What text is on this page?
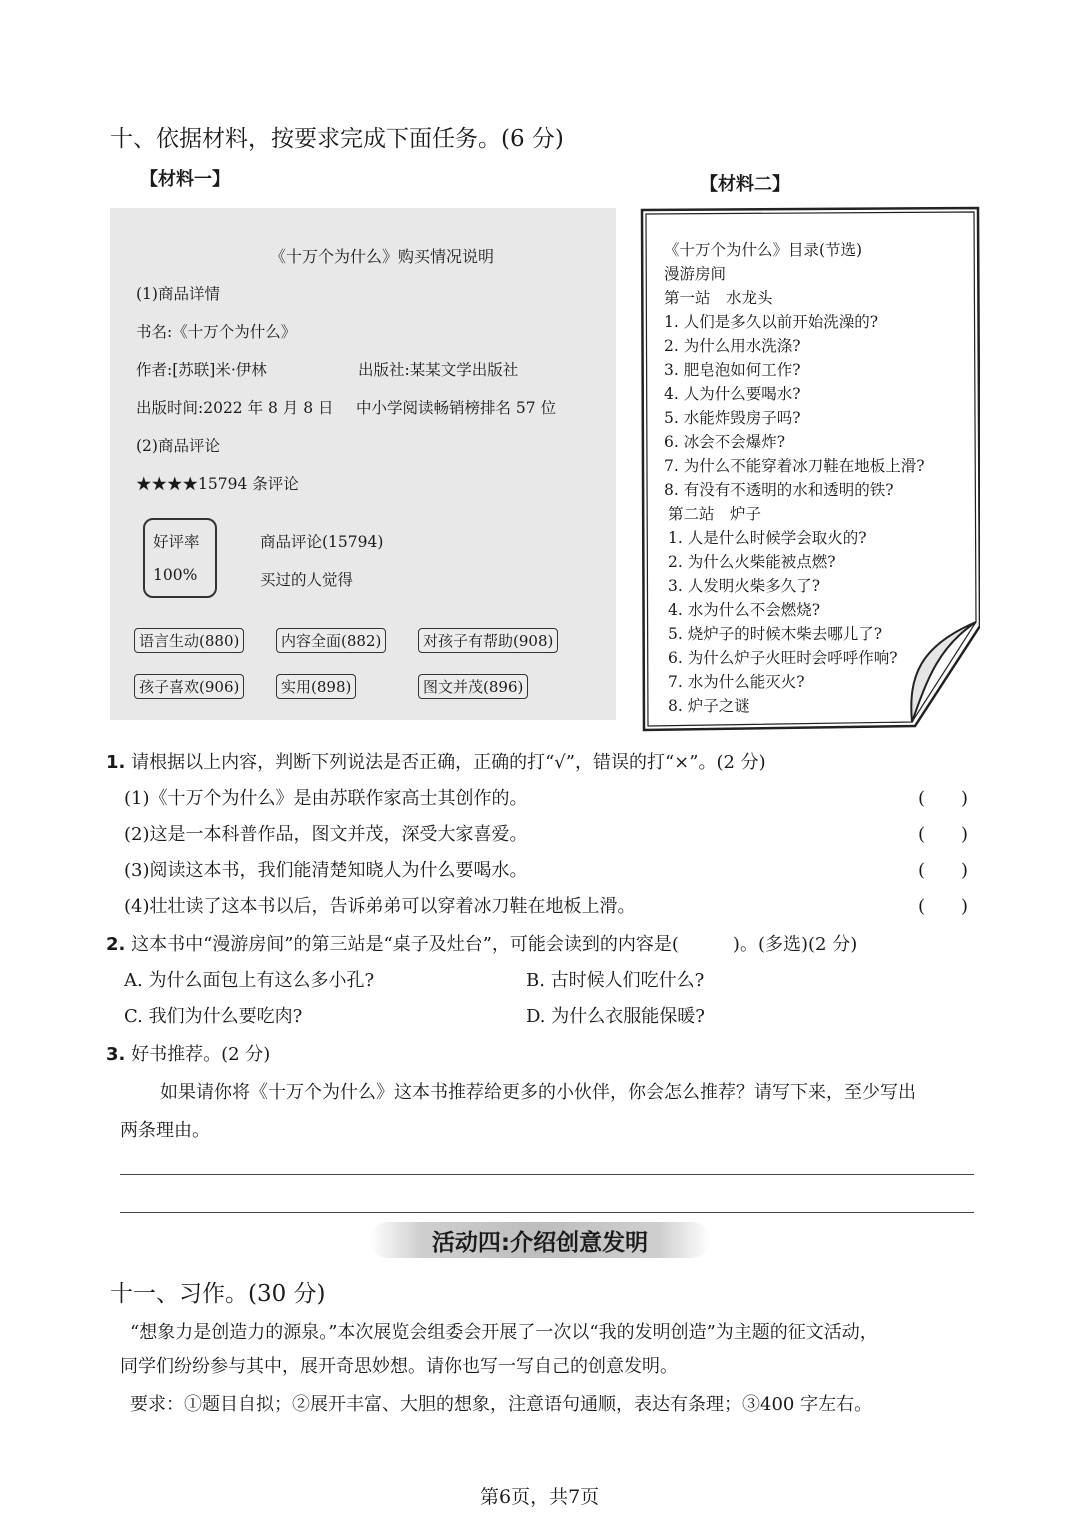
十、依据材料，按要求完成下面任务。(6 分)
【材料一】	【材料二】
《十万个为什么》购买情况说明
(1)商品详情
书名:《十万个为什么》
作者:[苏联]米·伊林	出版社:某某文学出版社
出版时间:2022 年 8 月 8 日 中小学阅读畅销榜排名 57 位
(2)商品评论
★★★★15794 条评论
好评率
100%
商品评论(15794)
买过的人觉得
语言生动(880)	内容全面(882)	对孩子有帮助(908)
孩子喜欢(906)	实用(898)	图文并茂(896)
《十万个为什么》目录(节选)
漫游房间
第一站　水龙头
1. 人们是多久以前开始洗澡的?
2. 为什么用水洗涤?
3. 肥皂泡如何工作?
4. 人为什么要喝水?
5. 水能炸毁房子吗?
6. 冰会不会爆炸?
7. 为什么不能穿着冰刀鞋在地板上滑?
8. 有没有不透明的水和透明的铁?
第二站　炉子
1. 人是什么时候学会取火的?
2. 为什么火柴能被点燃?
3. 人发明火柴多久了?
4. 水为什么不会燃烧?
5. 烧炉子的时候木柴去哪儿了?
6. 为什么炉子火旺时会呼呼作响?
7. 水为什么能灭火?
8. 炉子之谜
1. 请根据以上内容，判断下列说法是否正确，正确的打“√”，错误的打“×”。(2 分)
(1)《十万个为什么》是由苏联作家高士其创作的。
(2)这是一本科普作品，图文并茂，深受大家喜爱。
(3)阅读这本书，我们能清楚知晓人为什么要喝水。
(4)壮壮读了这本书以后，告诉弟弟可以穿着冰刀鞋在地板上滑。
(　　)
(　　)
(　　)
(　　)
2. 这本书中“漫游房间”的第三站是“桌子及灶台”，可能会读到的内容是(　　　)。(多选)(2 分)
A. 为什么面包上有这么多小孔?	B. 古时候人们吃什么?
C. 我们为什么要吃肉?	D. 为什么衣服能保暖?
3. 好书推荐。(2 分)
如果请你将《十万个为什么》这本书推荐给更多的小伙伴，你会怎么推荐？请写下来，至少写出
两条理由。
活动四:介绍创意发明
十一、习作。(30 分)
“想象力是创造力的源泉。”本次展览会组委会开展了一次以“我的发明创造”为主题的征文活动，
同学们纷纷参与其中，展开奇思妙想。请你也写一写自己的创意发明。
要求：①题目自拟；②展开丰富、大胆的想象，注意语句通顺，表达有条理；③400 字左右。
第6页，共7页
